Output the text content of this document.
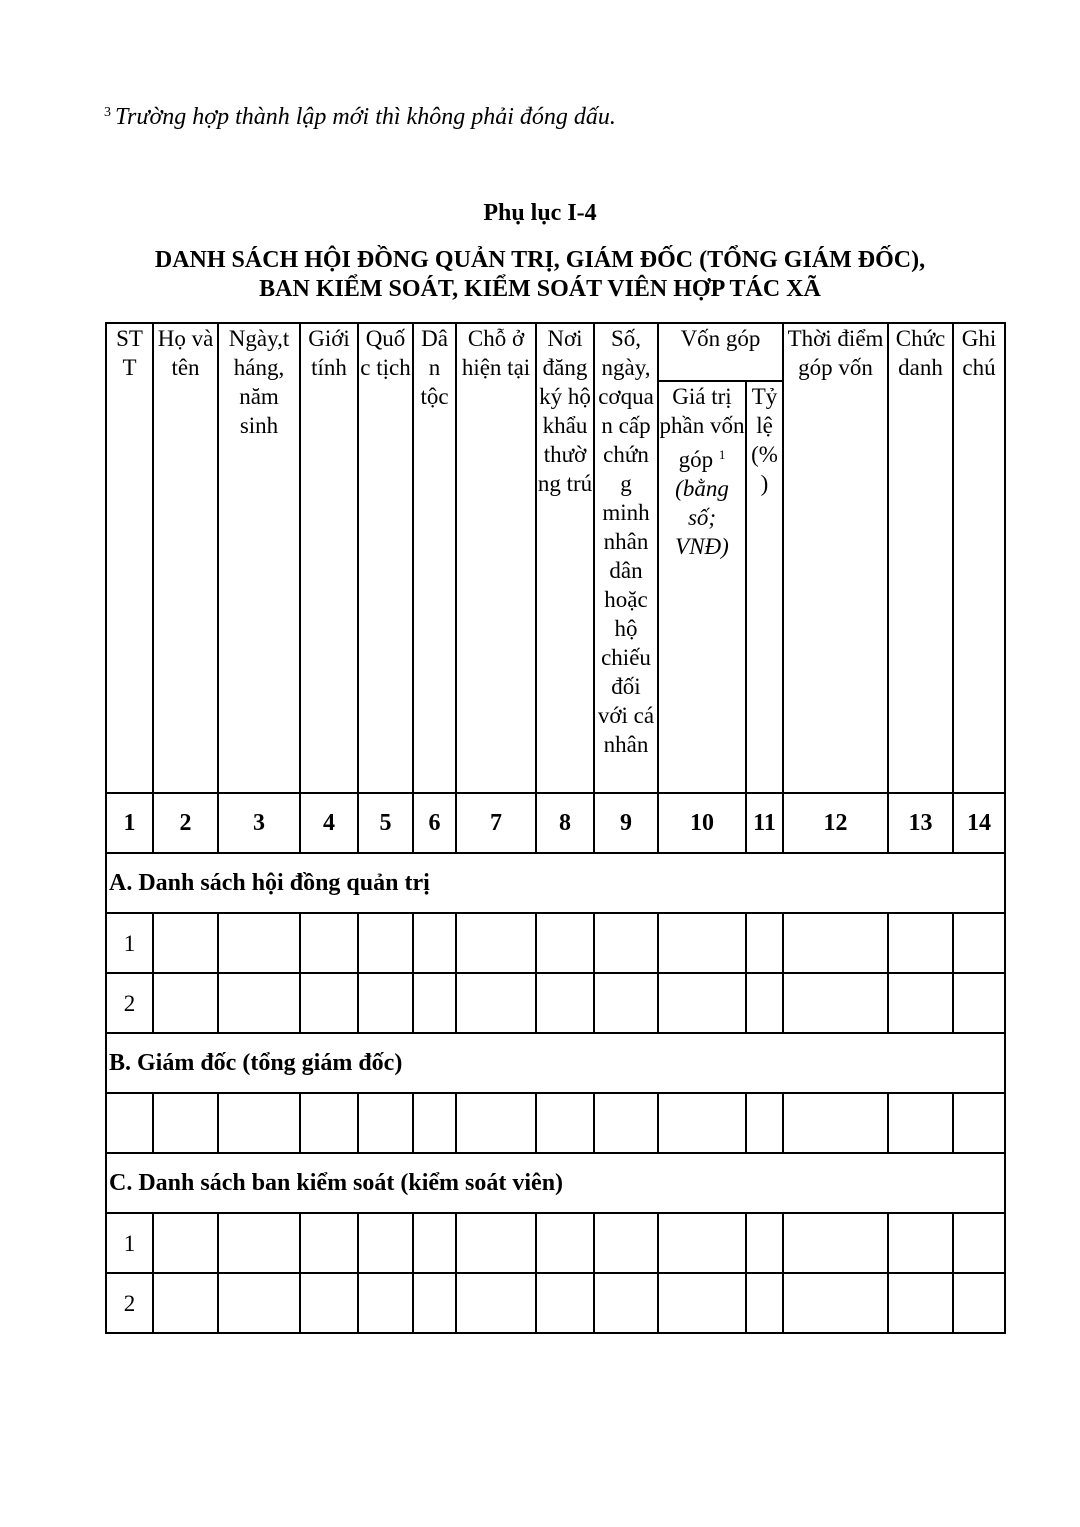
$^3$ Trường hợp thành lập mới thì không phải đóng dấu.
Phụ lục I-4
DANH SÁCH HỘI ĐỒNG QUẢN TRỊ, GIÁM ĐỐC (TỔNG GIÁM ĐỐC),
BAN KIỂM SOÁT, KIỂM SOÁT VIÊN HỢP TÁC XÃ
ST T	Họ và tên	Ngày,t háng, năm sinh	Giới tính	Quố c tịch	Dâ n tộc	Chỗ ở hiện tại	Nơi đăng ký hộ khẩu thườ ng trú	Số, ngày, cơqua n cấp chứn g minh nhân dân hoặc hộ chiếu đối với cá nhân	Vốn góp		Thời điểm góp vốn	Chức danh	Ghi chú
									Giá trị phần vốn góp $^1$ (bằng số; VNĐ)	Tỷ lệ (% )			
1	2	3	4	5	6	7	8	9	10	11	12	13	14
A. Danh sách hội đồng quản trị													
1													
2													
B. Giám đốc (tổng giám đốc)													

C. Danh sách ban kiểm soát (kiểm soát viên)													
1													
2													
